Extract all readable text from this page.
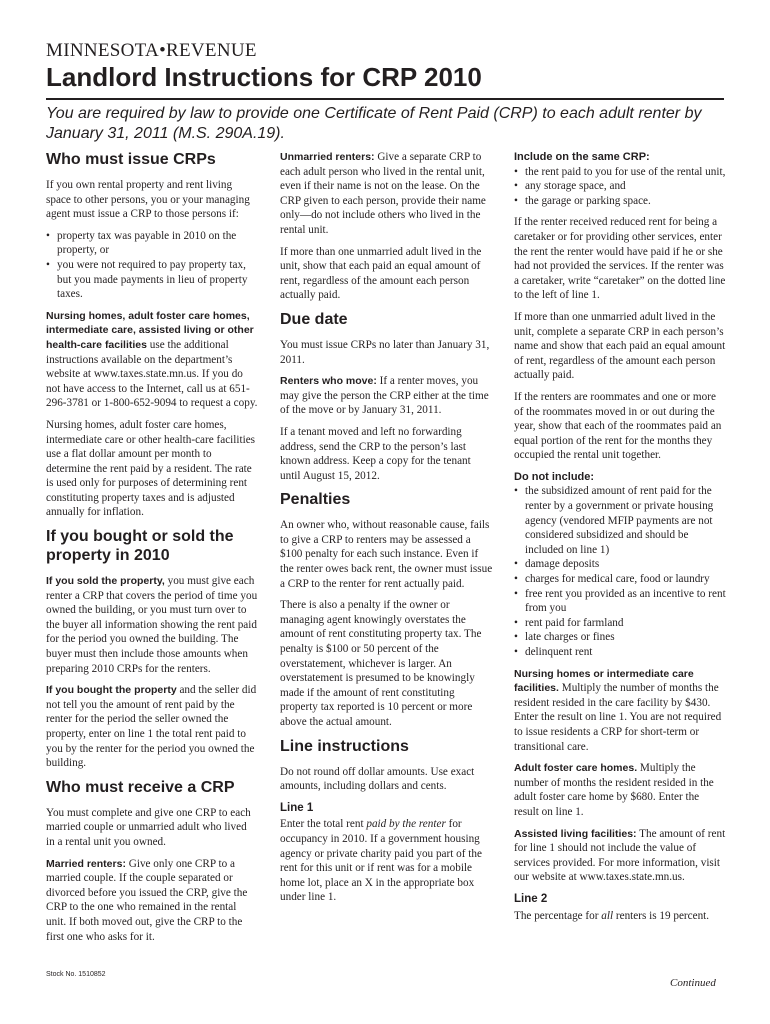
MINNESOTA•REVENUE
Landlord Instructions for CRP 2010

You are required by law to provide one Certificate of Rent Paid (CRP) to each adult renter by January 31, 2011 (M.S. 290A.19).

Who must issue CRPs

If you own rental property and rent living space to other persons, you or your managing agent must issue a CRP to those persons if:

• property tax was payable in 2010 on the property, or
• you were not required to pay property tax, but you made payments in lieu of property taxes.

Nursing homes, adult foster care homes, intermediate care, assisted living or other health-care facilities use the additional instructions available on the department’s website at www.taxes.state.mn.us. If you do not have access to the Internet, call us at 651-296-3781 or 1-800-652-9094 to request a copy.

Nursing homes, adult foster care homes, intermediate care or other health-care facilities use a flat dollar amount per month to determine the rent paid by a resident. The rate is used only for purposes of determining rent constituting property taxes and is adjusted annually for inflation.

If you bought or sold the property in 2010

If you sold the property, you must give each renter a CRP that covers the period of time you owned the building, or you must turn over to the buyer all information showing the rent paid for the period you owned the building. The buyer must then include those amounts when preparing 2010 CRPs for the renters.

If you bought the property and the seller did not tell you the amount of rent paid by the renter for the period the seller owned the property, enter on line 1 the total rent paid to you by the renter for the period you owned the building.

Who must receive a CRP

You must complete and give one CRP to each married couple or unmarried adult who lived in a rental unit you owned.

Married renters: Give only one CRP to a married couple. If the couple separated or divorced before you issued the CRP, give the CRP to the one who remained in the rental unit. If both moved out, give the CRP to the first one who asks for it.

Unmarried renters: Give a separate CRP to each adult person who lived in the rental unit, even if their name is not on the lease. On the CRP given to each person, provide their name only—do not include others who lived in the rental unit.

If more than one unmarried adult lived in the unit, show that each paid an equal amount of rent, regardless of the amount each person actually paid.

Due date

You must issue CRPs no later than January 31, 2011.

Renters who move: If a renter moves, you may give the person the CRP either at the time of the move or by January 31, 2011.

If a tenant moved and left no forwarding address, send the CRP to the person’s last known address. Keep a copy for the tenant until August 15, 2012.

Penalties

An owner who, without reasonable cause, fails to give a CRP to renters may be assessed a $100 penalty for each such instance. Even if the renter owes back rent, the owner must issue a CRP to the renter for rent actually paid.

There is also a penalty if the owner or managing agent knowingly overstates the amount of rent constituting property tax. The penalty is $100 or 50 percent of the overstatement, whichever is larger. An overstatement is presumed to be knowingly made if the amount of rent constituting property tax reported is 10 percent or more above the actual amount.

Line instructions

Do not round off dollar amounts. Use exact amounts, including dollars and cents.

Line 1

Enter the total rent paid by the renter for occupancy in 2010. If a government housing agency or private charity paid you part of the rent for this unit or if rent was for a mobile home lot, place an X in the appropriate box under line 1.

Include on the same CRP:
• the rent paid to you for use of the rental unit,
• any storage space, and
• the garage or parking space.

If the renter received reduced rent for being a caretaker or for providing other services, enter the rent the renter would have paid if he or she had not provided the services. If the renter was a caretaker, write “caretaker” on the dotted line to the left of line 1.

If more than one unmarried adult lived in the unit, complete a separate CRP in each person’s name and show that each paid an equal amount of rent, regardless of the amount each person actually paid.

If the renters are roommates and one or more of the roommates moved in or out during the year, show that each of the roommates paid an equal portion of the rent for the months they occupied the rental unit together.

Do not include:
• the subsidized amount of rent paid for the renter by a government or private housing agency (vendored MFIP payments are not considered subsidized and should be included on line 1)
• damage deposits
• charges for medical care, food or laundry
• free rent you provided as an incentive to rent from you
• rent paid for farmland
• late charges or fines
• delinquent rent

Nursing homes or intermediate care facilities. Multiply the number of months the resident resided in the care facility by $430. Enter the result on line 1. You are not required to issue residents a CRP for short-term or transitional care.

Adult foster care homes. Multiply the number of months the resident resided in the adult foster care home by $680. Enter the result on line 1.

Assisted living facilities: The amount of rent for line 1 should not include the value of services provided. For more information, visit our website at www.taxes.state.mn.us.

Line 2

The percentage for all renters is 19 percent.

Stock No. 1510852
Continued
